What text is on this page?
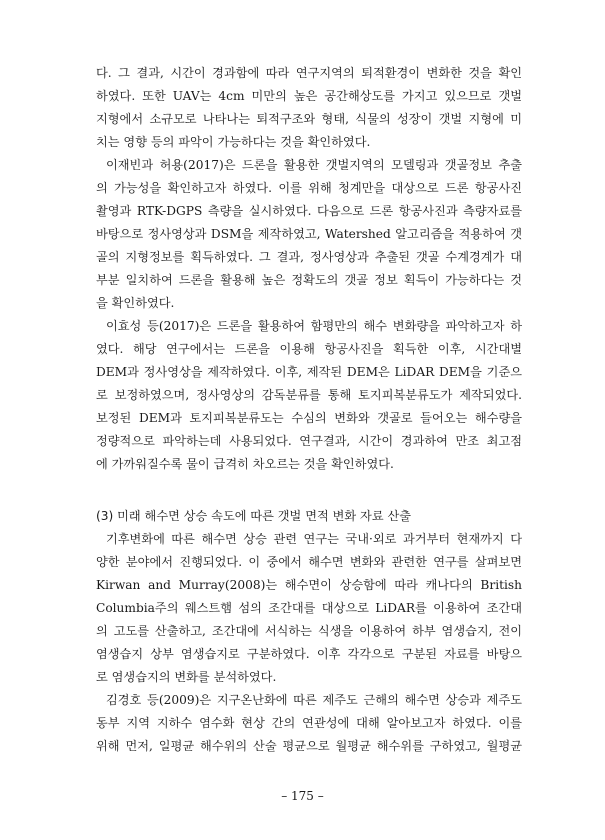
다. 그 결과, 시간이 경과함에 따라 연구지역의 퇴적환경이 변화한 것을 확인
하였다. 또한 UAV는 4cm 미만의 높은 공간해상도를 가지고 있으므로 갯벌
지형에서 소규모로 나타나는 퇴적구조와 형태, 식물의 성장이 갯벌 지형에 미
치는 영향 등의 파악이 가능하다는 것을 확인하였다.
이재빈과 허용(2017)은 드론을 활용한 갯벌지역의 모델링과 갯골정보 추출
의 가능성을 확인하고자 하였다. 이를 위해 청계만을 대상으로 드론 항공사진
촬영과 RTK-DGPS 측량을 실시하였다. 다음으로 드론 항공사진과 측량자료를
바탕으로 정사영상과 DSM을 제작하였고, Watershed 알고리즘을 적용하여 갯
골의 지형정보를 획득하였다. 그 결과, 정사영상과 추출된 갯골 수계경계가 대
부분 일치하여 드론을 활용해 높은 정확도의 갯골 정보 획득이 가능하다는 것
을 확인하였다.
이효성 등(2017)은 드론을 활용하여 함평만의 해수 변화량을 파악하고자 하
였다. 해당 연구에서는 드론을 이용해 항공사진을 획득한 이후, 시간대별
DEM과 정사영상을 제작하였다. 이후, 제작된 DEM은 LiDAR DEM을 기준으
로 보정하였으며, 정사영상의 감독분류를 통해 토지피복분류도가 제작되었다.
보정된 DEM과 토지피복분류도는 수심의 변화와 갯골로 들어오는 해수량을
정량적으로 파악하는데 사용되었다. 연구결과, 시간이 경과하여 만조 최고점
에 가까워질수록 물이 급격히 차오르는 것을 확인하였다.
(3) 미래 해수면 상승 속도에 따른 갯벌 면적 변화 자료 산출
기후변화에 따른 해수면 상승 관련 연구는 국내·외로 과거부터 현재까지 다
양한 분야에서 진행되었다. 이 중에서 해수면 변화와 관련한 연구를 살펴보면
Kirwan and Murray(2008)는 해수면이 상승함에 따라 캐나다의 British
Columbia주의 웨스트햄 섬의 조간대를 대상으로 LiDAR를 이용하여 조간대
의 고도를 산출하고, 조간대에 서식하는 식생을 이용하여 하부 염생습지, 전이
염생습지 상부 염생습지로 구분하였다. 이후 각각으로 구분된 자료를 바탕으
로 염생습지의 변화를 분석하였다.
김경호 등(2009)은 지구온난화에 따른 제주도 근해의 해수면 상승과 제주도
동부 지역 지하수 염수화 현상 간의 연관성에 대해 알아보고자 하였다. 이를
위해 먼저, 일평균 해수위의 산술 평균으로 월평균 해수위를 구하였고, 월평균
– 175 –
